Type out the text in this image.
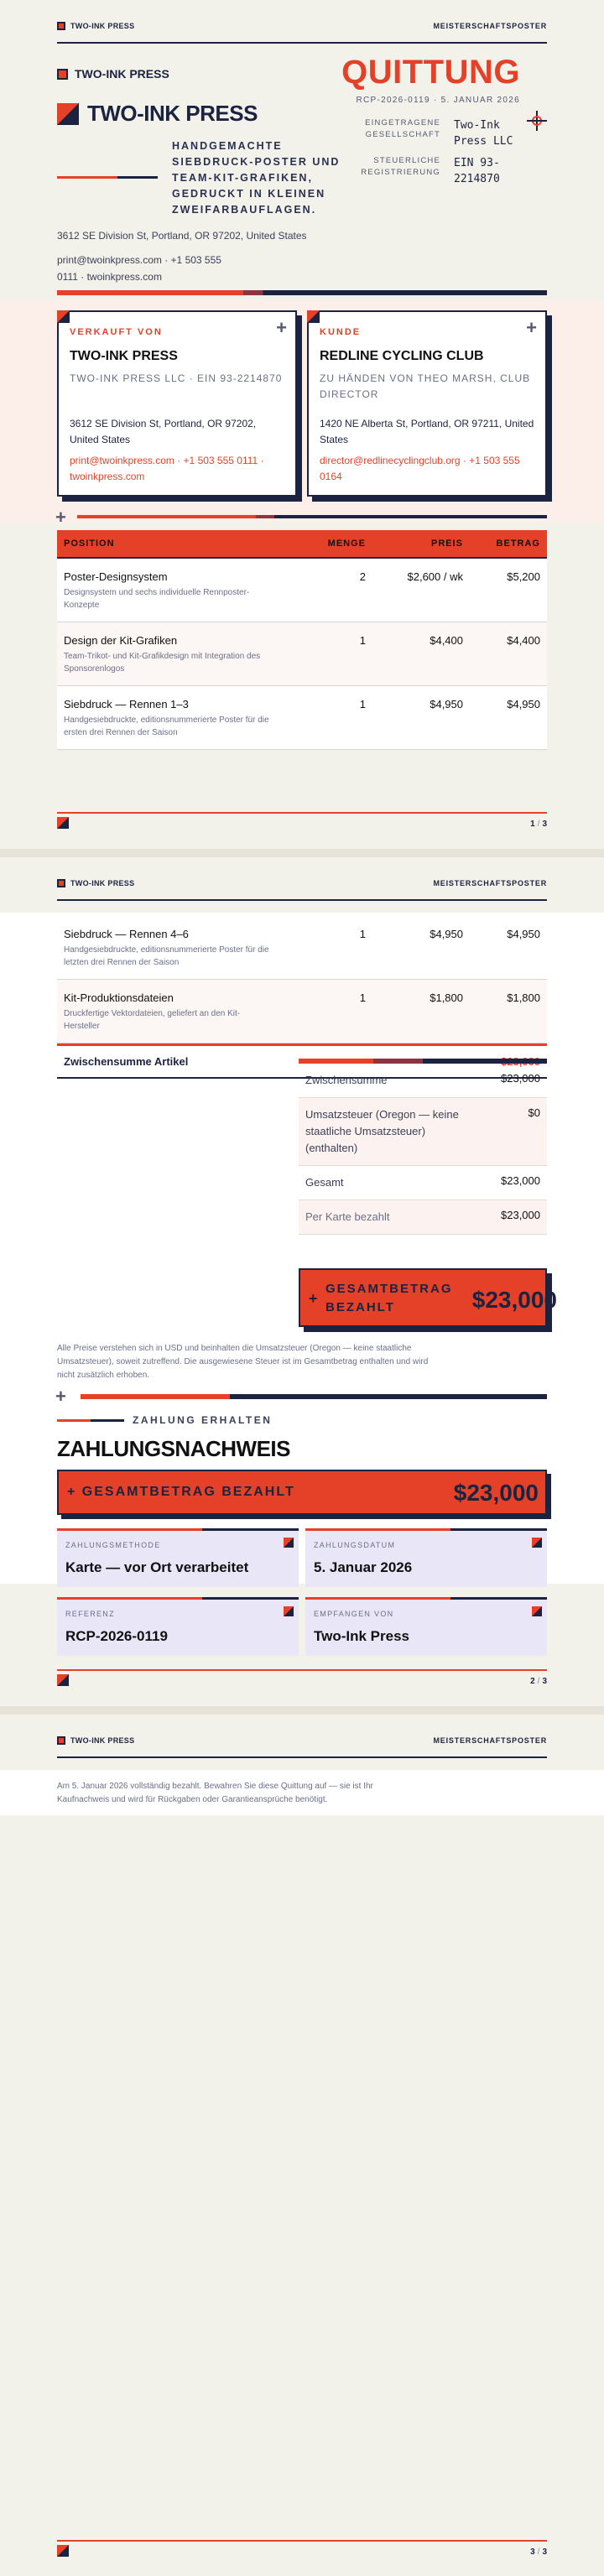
TWO-INK PRESS	MEISTERSCHAFTSPOSTER
TWO-INK PRESS
TWO-INK PRESS
HANDGEMACHTE SIEBDRUCK-POSTER UND TEAM-KIT-GRAFIKEN, GEDRUCKT IN KLEINEN ZWEIFARBAUFLAGEN.
3612 SE Division St, Portland, OR 97202, United States
print@twoinkpress.com · +1 503 555 0111 · twoinkpress.com
QUITTUNG
RCP-2026-0119 · 5. JANUAR 2026
EINGETRAGENE GESELLSCHAFT
Two-Ink Press LLC
STEUERLICHE REGISTRIERUNG
EIN 93-2214870
+
VERKAUFT VON
TWO-INK PRESS
TWO-INK PRESS LLC · EIN 93-2214870
3612 SE Division St, Portland, OR 97202, United States
print@twoinkpress.com · +1 503 555 0111 · twoinkpress.com
+
KUNDE
REDLINE CYCLING CLUB
ZU HÄNDEN VON THEO MARSH, CLUB DIRECTOR
1420 NE Alberta St, Portland, OR 97211, United States
director@redlinecyclingclub.org · +1 503 555 0164
+
POSITION	MENGE	PREIS	BETRAG
Poster-Designsystem
Designsystem und sechs individuelle Rennposter-Konzepte
2	$2,600 / wk	$5,200
Design der Kit-Grafiken
Team-Trikot- und Kit-Grafikdesign mit Integration des Sponsorenlogos
1	$4,400	$4,400
Siebdruck — Rennen 1–3
Handgesiebdruckte, editionsnummerierte Poster für die ersten drei Rennen der Saison
1	$4,950	$4,950
1 / 3
TWO-INK PRESS	MEISTERSCHAFTSPOSTER
Siebdruck — Rennen 4–6
Handgesiebdruckte, editionsnummerierte Poster für die letzten drei Rennen der Saison
1	$4,950	$4,950
Kit-Produktionsdateien
Druckfertige Vektordateien, geliefert an den Kit-Hersteller
1	$1,800	$1,800
Zwischensumme Artikel
Zwischensumme	$23,000
Umsatzsteuer (Oregon — keine staatliche Umsatzsteuer) (enthalten)
$0
Gesamt	$23,000
Per Karte bezahlt	$23,000
+
GESAMTBETRAG BEZAHLT	$23,000
Alle Preise verstehen sich in USD und beinhalten die Umsatzsteuer (Oregon — keine staatliche Umsatzsteuer), soweit zutreffend. Die ausgewiesene Steuer ist im Gesamtbetrag enthalten und wird nicht zusätzlich erhoben.
+
ZAHLUNG ERHALTEN
ZAHLUNGSNACHWEIS
+ GESAMTBETRAG BEZAHLT	$23,000
ZAHLUNGSMETHODE
Karte — vor Ort verarbeitet
ZAHLUNGSDATUM
5. Januar 2026
REFERENZ
RCP-2026-0119
EMPFANGEN VON
Two-Ink Press
2 / 3
TWO-INK PRESS	MEISTERSCHAFTSPOSTER
Am 5. Januar 2026 vollständig bezahlt. Bewahren Sie diese Quittung auf — sie ist Ihr Kaufnachweis und wird für Rückgaben oder Garantieansprüche benötigt.
3 / 3
